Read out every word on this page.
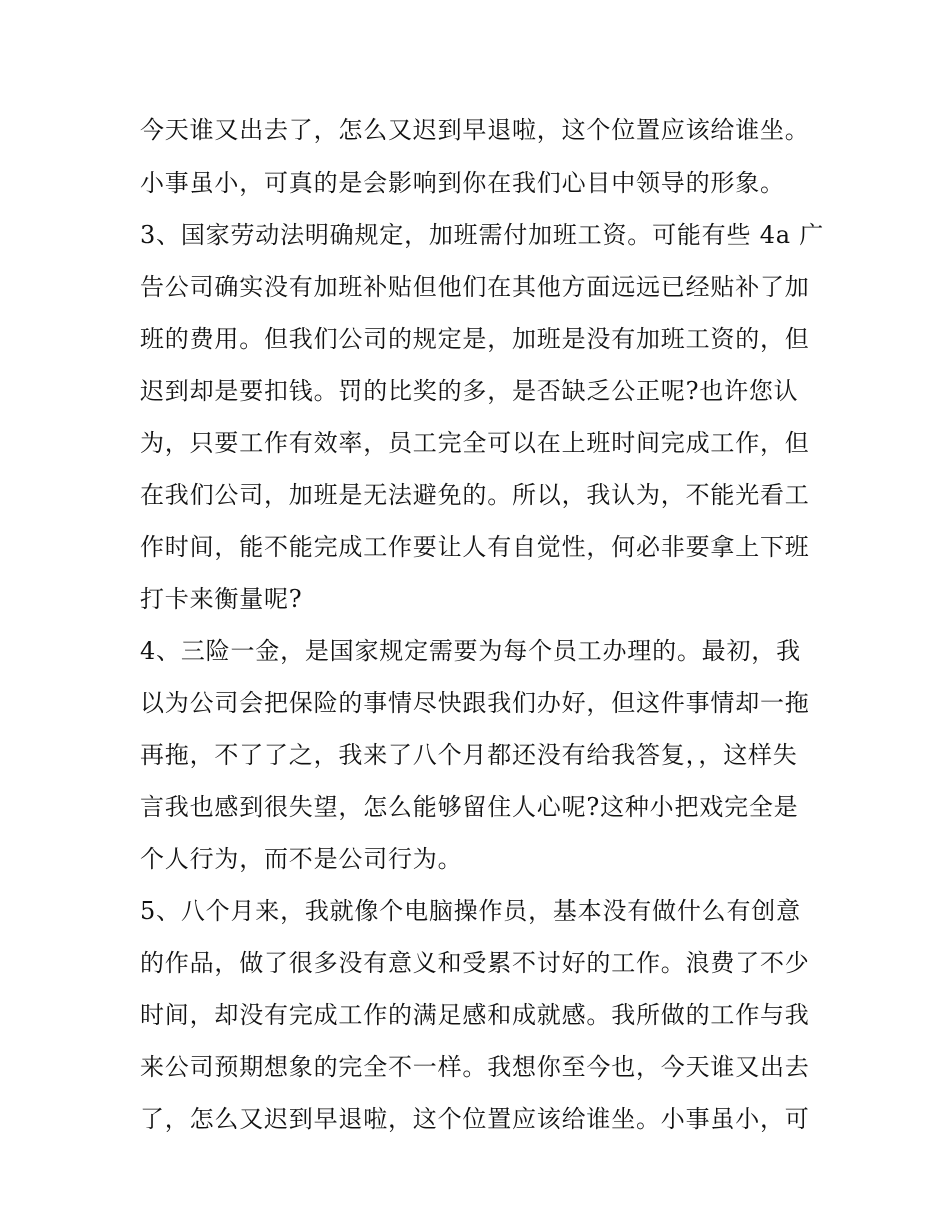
今天谁又出去了，怎么又迟到早退啦，这个位置应该给谁坐。
小事虽小，可真的是会影响到你在我们心目中领导的形象。
3、国家劳动法明确规定，加班需付加班工资。可能有些 4a 广
告公司确实没有加班补贴但他们在其他方面远远已经贴补了加
班的费用。但我们公司的规定是，加班是没有加班工资的，但
迟到却是要扣钱。罚的比奖的多，是否缺乏公正呢?也许您认
为，只要工作有效率，员工完全可以在上班时间完成工作，但
在我们公司，加班是无法避免的。所以，我认为，不能光看工
作时间，能不能完成工作要让人有自觉性，何必非要拿上下班
打卡来衡量呢?
4、三险一金，是国家规定需要为每个员工办理的。最初，我
以为公司会把保险的事情尽快跟我们办好，但这件事情却一拖
再拖，不了了之，我来了八个月都还没有给我答复，，这样失
言我也感到很失望，怎么能够留住人心呢?这种小把戏完全是
个人行为，而不是公司行为。
5、八个月来，我就像个电脑操作员，基本没有做什么有创意
的作品，做了很多没有意义和受累不讨好的工作。浪费了不少
时间，却没有完成工作的满足感和成就感。我所做的工作与我
来公司预期想象的完全不一样。我想你至今也，今天谁又出去
了，怎么又迟到早退啦，这个位置应该给谁坐。小事虽小，可
